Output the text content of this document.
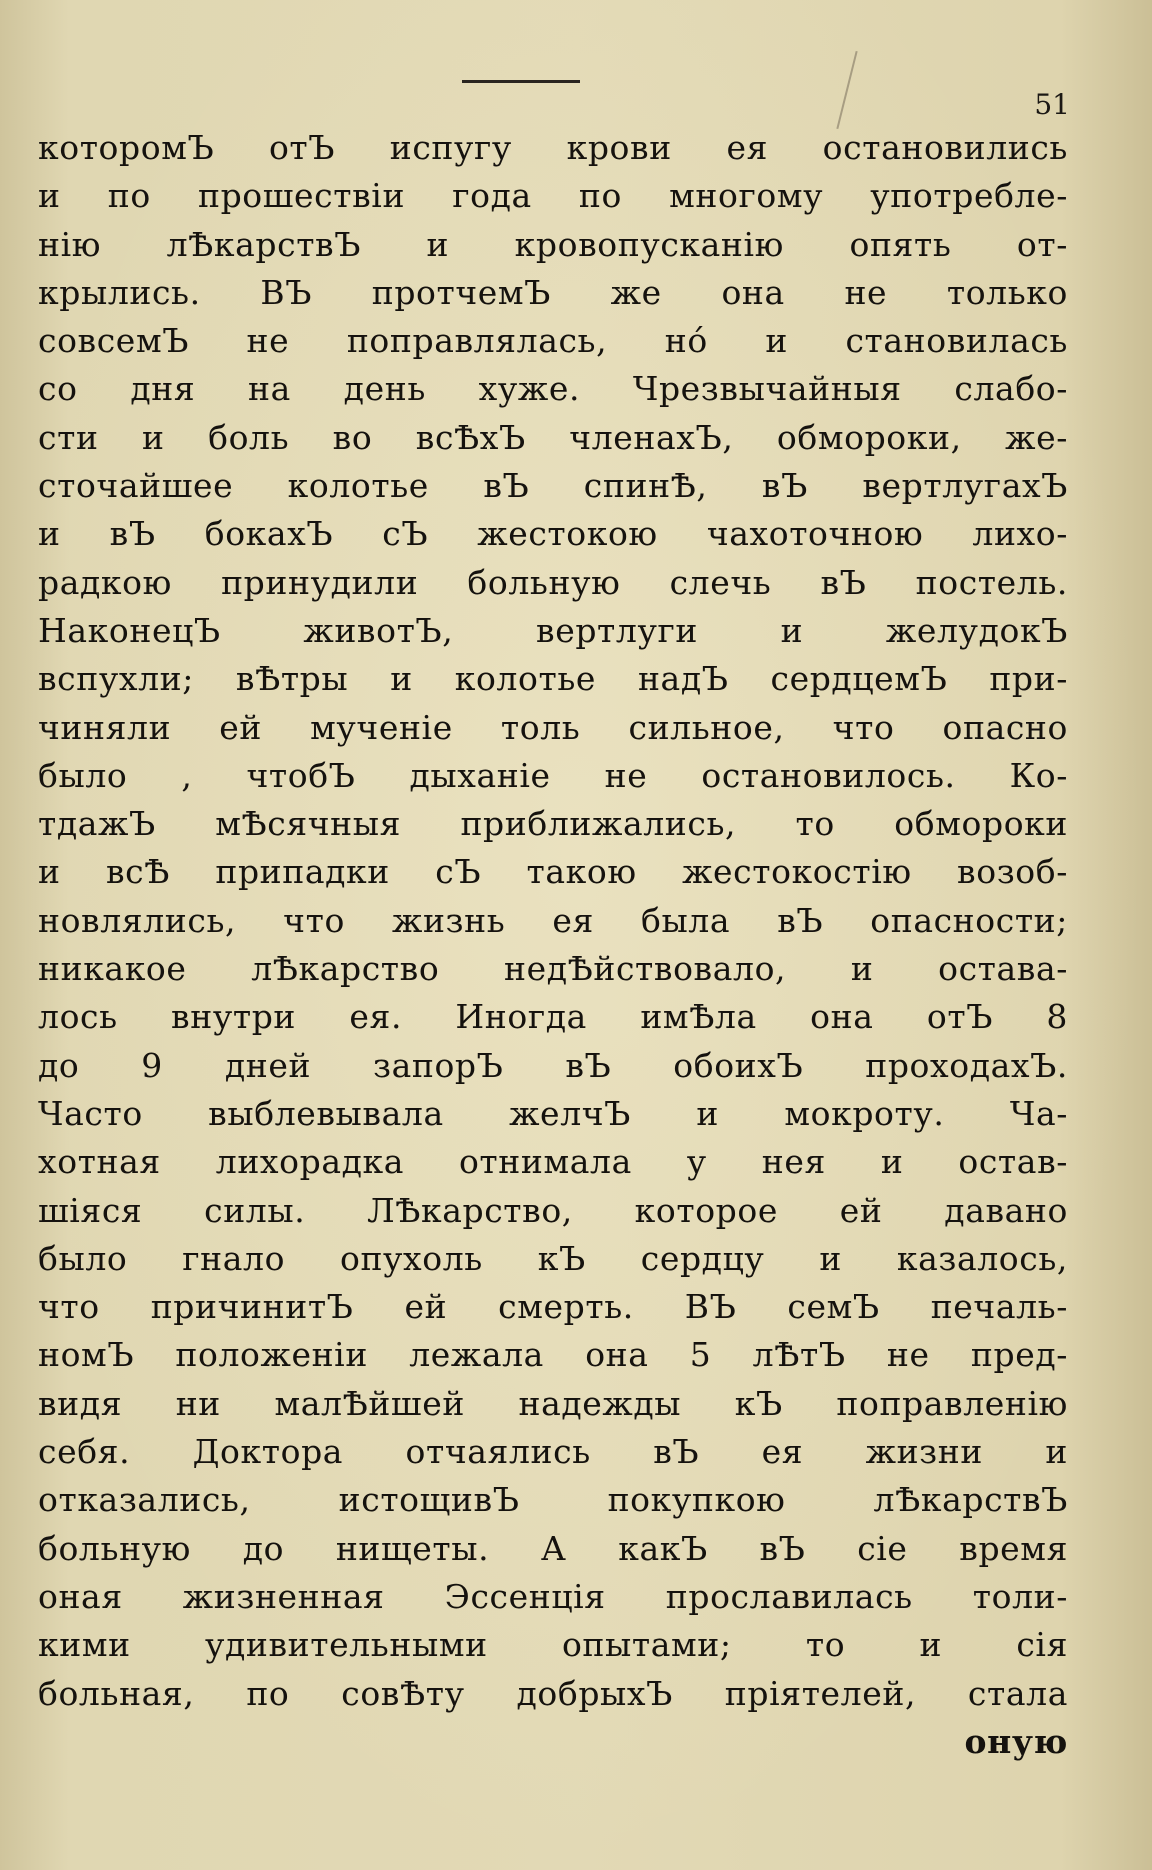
51
которомЪ отЪ испугу крови ея остановились
и по прошествіи года по многому употребле-
нію лѢкарствЪ и кровопусканію опять от-
крылись. ВЪ протчемЪ же она не только
совсемЪ не поправлялась, но́ и становилась
со дня на день хуже. Чрезвычайныя слабо-
сти и боль во всѢхЪ членахЪ, обмороки, же-
сточайшее колотье вЪ спинѢ, вЪ вертлугахЪ
и вЪ бокахЪ сЪ жестокою чахоточною лихо-
радкою принудили больную слечь вЪ постель.
НаконецЪ животЪ, вертлуги и желудокЪ
вспухли; вѢтры и колотье надЪ сердцемЪ при-
чиняли ей мученіе толь сильное, что опасно
было , чтобЪ дыханіе не остановилось. Ко-
тдажЪ мѢсячныя приближались, то обмороки
и всѢ припадки сЪ такою жестокостію возоб-
новлялись, что жизнь ея была вЪ опасности;
никакое лѢкарство недѢйствовало, и остава-
лось внутри ея. Иногда имѢла она отЪ 8
до 9 дней запорЪ вЪ обоихЪ проходахЪ.
Часто выблевывала желчЪ и мокроту. Ча-
хотная лихорадка отнимала у нея и остав-
шіяся силы. ЛѢкарство, которое ей давано
было гнало опухоль кЪ сердцу и казалось,
что причинитЪ ей смерть. ВЪ семЪ печаль-
номЪ положеніи лежала она 5 лѢтЪ не пред-
видя ни малѢйшей надежды кЪ поправленію
себя. Доктора отчаялись вЪ ея жизни и
отказались, истощивЪ покупкою лѢкарствЪ
больную до нищеты. А какЪ вЪ сіе время
оная жизненная Эссенція прославилась толи-
кими удивительными опытами; то и сія
больная, по совѢту добрыхЪ пріятелей, стала
оную
